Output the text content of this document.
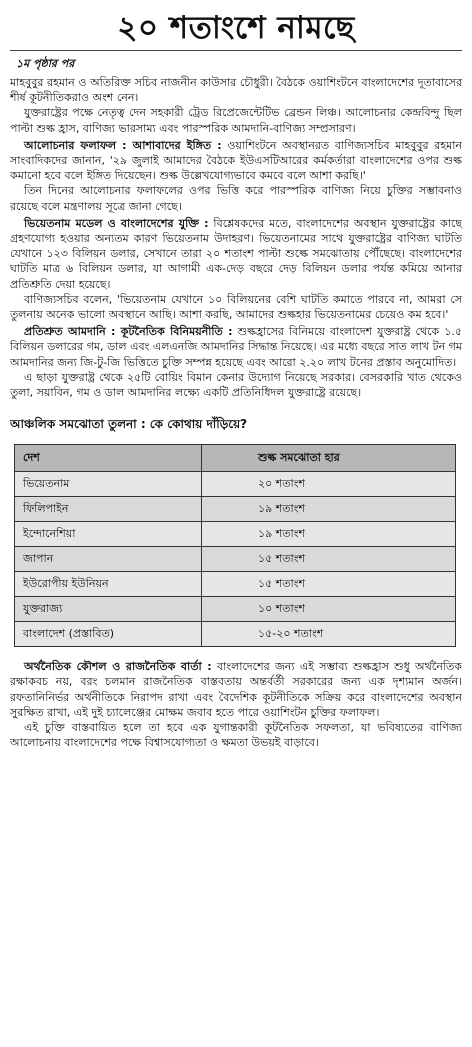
২০ শতাংশে নামছে
১ম পৃষ্ঠার পর

মাহবুবুর রহমান ও অতিরিক্ত সচিব নাজনীন কাউসার চৌধুরী। বৈঠকে ওয়াশিংটনে বাংলাদেশের দূতাবাসের শীর্ষ কূটনীতিকরাও অংশ নেন।

যুক্তরাষ্ট্রের পক্ষে নেতৃত্ব দেন সহকারী ট্রেড রিপ্রেজেন্টেটিভ ব্রেন্ডন লিঞ্চ। আলোচনার কেন্দ্রবিন্দু ছিল পাল্টা শুল্ক হ্রাস, বাণিজ্য ভারসাম্য এবং পারস্পরিক আমদানি-বাণিজ্য সম্প্রসারণ।

আলোচনার ফলাফল : আশাবাদের ইঙ্গিত : ওয়াশিংটনে অবস্থানরত বাণিজ্যসচিব মাহবুবুর রহমান সাংবাদিকদের জানান, '২৯ জুলাই আমাদের বৈঠকে ইউএসটিআরের কর্মকর্তারা বাংলাদেশের ওপর শুল্ক কমানো হবে বলে ইঙ্গিত দিয়েছেন। শুল্ক উল্লেখযোগ্যভাবে কমবে বলে আশা করছি।'

তিন দিনের আলোচনার ফলাফলের ওপর ভিত্তি করে পারস্পরিক বাণিজ্য নিয়ে চুক্তির সম্ভাবনাও রয়েছে বলে মন্ত্রণালয় সূত্রে জানা গেছে।

ভিয়েতনাম মডেল ও বাংলাদেশের যুক্তি : বিশ্লেষকদের মতে, বাংলাদেশের অবস্থান যুক্তরাষ্ট্রের কাছে গ্রহণযোগ্য হওয়ার অন্যতম কারণ ভিয়েতনাম উদাহরণ। ভিয়েতনামের সাথে যুক্তরাষ্ট্রের বাণিজ্য ঘাটতি যেখানে ১২৩ বিলিয়ন ডলার, সেখানে তারা ২০ শতাংশ পাল্টা শুল্কে সমঝোতায় পৌঁছেছে। বাংলাদেশের ঘাটতি মাত্র ৬ বিলিয়ন ডলার, যা আগামী এক-দেড় বছরে দেড় বিলিয়ন ডলার পর্যন্ত কমিয়ে আনার প্রতিশ্রুতি দেয়া হয়েছে।

বাণিজ্যসচিব বলেন, 'ভিয়েতনাম যেখানে ১০ বিলিয়নের বেশি ঘাটতি কমাতে পারবে না, আমরা সে তুলনায় অনেক ভালো অবস্থানে আছি। আশা করছি, আমাদের শুল্কহার ভিয়েতনামের চেয়েও কম হবে।'

প্রতিশ্রুত আমদানি : কূটনৈতিক বিনিময়নীতি : শুল্কহ্রাসের বিনিময়ে বাংলাদেশ যুক্তরাষ্ট্র থেকে ১.৫ বিলিয়ন ডলারের গম, ডাল এবং এলএনজি আমদানির সিদ্ধান্ত নিয়েছে। এর মধ্যে বছরে সাত লাখ টন গম আমদানির জন্য জি-টু-জি ভিত্তিতে চুক্তি সম্পন্ন হয়েছে এবং আরো ২.২০ লাখ টনের প্রস্তাব অনুমোদিত।

এ ছাড়া যুক্তরাষ্ট্র থেকে ২৫টি বোয়িং বিমান কেনার উদ্যোগ নিয়েছে সরকার। বেসরকারি খাত থেকেও তুলা, সয়াবিন, গম ও ডাল আমদানির লক্ষ্যে একটি প্রতিনিধিদল যুক্তরাষ্ট্রে রয়েছে।

আঞ্চলিক সমঝোতা তুলনা : কে কোথায় দাঁড়িয়ে?
দেশ	শুল্ক সমঝোতা হার
ভিয়েতনাম	২০ শতাংশ
ফিলিপাইন	১৯ শতাংশ
ইন্দোনেশিয়া	১৯ শতাংশ
জাপান	১৫ শতাংশ
ইউরোপীয় ইউনিয়ন	১৫ শতাংশ
যুক্তরাজ্য	১০ শতাংশ
বাংলাদেশ (প্রস্তাবিত)	১৫-২০ শতাংশ

অর্থনৈতিক কৌশল ও রাজনৈতিক বার্তা : বাংলাদেশের জন্য এই সম্ভাব্য শুল্কহ্রাস শুধু অর্থনৈতিক রক্ষাকবচ নয়, বরং চলমান রাজনৈতিক বাস্তবতায় অন্তর্বর্তী সরকারের জন্য এক দৃশ্যমান অর্জন। রফতানিনির্ভর অর্থনীতিকে নিরাপদ রাখা এবং বৈদেশিক কূটনীতিকে সক্রিয় করে বাংলাদেশের অবস্থান সুরক্ষিত রাখা, এই দুই চ্যালেঞ্জের মোক্ষম জবাব হতে পারে ওয়াশিংটন চুক্তির ফলাফল।

এই চুক্তি বাস্তবায়িত হলে তা হবে এক যুগান্তকারী কূটনৈতিক সফলতা, যা ভবিষ্যতের বাণিজ্য আলোচনায় বাংলাদেশের পক্ষে বিশ্বাসযোগ্যতা ও ক্ষমতা উভয়ই বাড়াবে।
